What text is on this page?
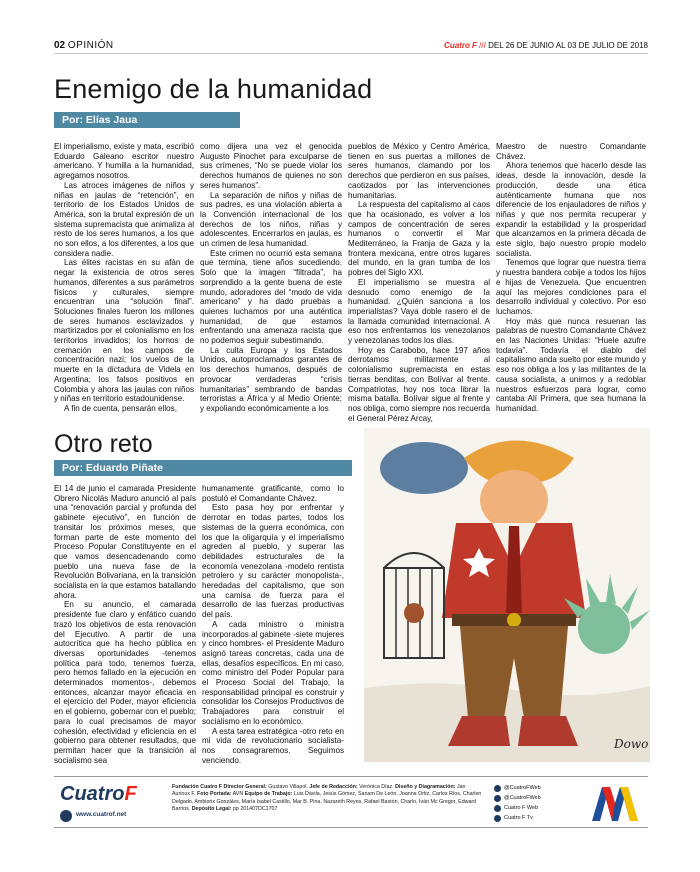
02 OPINIÓN	Cuatro F /// DEL 26 DE JUNIO AL 03 DE JULIO DE 2018
Enemigo de la humanidad
Por: Elías Jaua

El imperialismo, existe y mata, escribió Eduardo Galeano escritor nuestro americano. Y humilla a la humanidad, agregamos nosotros.

Las atroces imágenes de niños y niñas en jaulas de “retención”, en territorio de los Estados Unidos de América, son la brutal expresión de un sistema supremacista que animaliza al resto de los seres humanos, a los que no son ellos, a los diferentes, a los que considera nadie.

Las élites racistas en su afán de negar la existencia de otros seres humanos, diferentes a sus parámetros físicos y culturales, siempre encuentran una “solución final”. Soluciones finales fueron los millones de seres humanos esclavizados y martirizados por el colonialismo en los territorios invadidos; los hornos de cremación en los campos de concentración nazi; los vuelos de la muerte en la dictadura de Videla en Argentina; los falsos positivos en Colombia y ahora las jaulas con niños y niñas en territorio estadounidense.

A fin de cuenta, pensarán ellos,

como dijera una vez el genocida Augusto Pinochet para exculparse de sus crímenes, “No se puede violar los derechos humanos de quienes no son seres humanos”.

La separación de niños y niñas de sus padres, es una violación abierta a la Convención internacional de los derechos de los niños, niñas y adolescentes. Encerrarlos en jaulas, es un crimen de lesa humanidad.

Este crimen no ocurrió esta semana que termina, tiene años sucediendo. Solo que la imagen “filtrada”, ha sorprendido a la gente buena de este mundo, adoradores del “modo de vida americano” y ha dado pruebas a quienes luchamos por una auténtica humanidad, de que estamos enfrentando una amenaza racista que no podemos seguir subestimando.

La culta Europa y los Estados Unidos, autoproclamados garantes de los derechos humanos, después de provocar verdaderas “crisis humanitarias” sembrando de bandas terroristas a África y al Medio Oriente; y expoliando económicamente a los

pueblos de México y Centro América, tienen en sus puertas a millones de seres humanos, clamando por los derechos que perdieron en sus países, caotizados por las intervenciones humanitarias.

La respuesta del capitalismo al caos que ha ocasionado, es volver a los campos de concentración de seres humanos o convertir el Mar Mediterráneo, la Franja de Gaza y la frontera mexicana, entre otros lugares del mundo, en la gran tumba de los pobres del Siglo XXI.

El imperialismo se muestra al desnudo como enemigo de la humanidad. ¿Quién sanciona a los imperialistas? Vaya doble rasero el de la llamada comunidad internacional. A eso nos enfrentamos los venezolanos y venezolanas todos los días.

Hoy es Carabobo, hace 197 años derrotamos militarmente al colonialismo supremacista en estas tierras benditas, con Bolívar al frente. Compatriotas, hoy nos toca librar la misma batalla. Bolívar sigue al frente y nos obliga, como siempre nos recuerda el General Pérez Arcay,

Maestro de nuestro Comandante Chávez.

Ahora tenemos que hacerlo desde las ideas, desde la innovación, desde la producción, desde una ética auténticamente humana que nos diferencie de los enjauladores de niños y niñas y que nos permita recuperar y expandir la estabilidad y la prosperidad que alcanzamos en la primera década de este siglo, bajo nuestro propio modelo socialista.

Tenemos que lograr que nuestra tierra y nuestra bandera cobije a todos los hijos e hijas de Venezuela. Que encuentren aquí las mejores condiciones para el desarrollo individual y colectivo. Por eso luchamos.

Hoy más que nunca resuenan las palabras de nuestro Comandante Chávez en las Naciones Unidas: “Huele azufre todavía”. Todavía el diablo del capitalismo anda suelto por este mundo y eso nos obliga a los y las militantes de la causa socialista, a unirnos y a redoblar nuestros esfuerzos para lograr, como cantaba Alí Primera, que sea humana la humanidad.

Otro reto
Por: Eduardo Piñate

El 14 de junio el camarada Presidente Obrero Nicolás Maduro anunció al país una “renovación parcial y profunda del gabinete ejecutivo”, en función de transitar los próximos meses, que forman parte de este momento del Proceso Popular Constituyente en el que vamos desencadenando como pueblo una nueva fase de la Revolución Bolivariana, en la transición socialista en la que estamos batallando ahora.

En su anuncio, el camarada presidente fue claro y enfático cuando trazó los objetivos de esta renovación del Ejecutivo. A partir de una autocrítica que ha hecho pública en diversas oportunidades -tenemos política para todo, tenemos fuerza, pero hemos fallado en la ejecución en determinados momentos-, debemos entonces, alcanzar mayor eficacia en el ejercicio del Poder, mayor eficiencia en el gobierno, gobernar con el pueblo; para lo cual precisamos de mayor cohesión, efectividad y eficiencia en el gobierno para obtener resultados, que permitan hacer que la transición al socialismo sea

humanamente gratificante, como lo postuló el Comandante Chávez.

Esto pasa hoy por enfrentar y derrotar en todas partes, todos los sistemas de la guerra económica, con los que la oligarquía y el imperialismo agreden al pueblo, y superar las debilidades estructurales de la economía venezolana -modelo rentista petrolero y su carácter monopolista-, heredadas del capitalismo, que son una camisa de fuerza para el desarrollo de las fuerzas productivas del país.

A cada ministro o ministra incorporados al gabinete -siete mujeres y cinco hombres- el Presidente Maduro asignó tareas concretas, cada una de ellas, desafíos específicos. En mi caso, como ministro del Poder Popular para el Proceso Social del Trabajo, la responsabilidad principal es construir y consolidar los Consejos Productivos de Trabajadores para construir el socialismo en lo económico.

A esta tarea estratégica -otro reto en mi vida de revolucionario socialista- nos consagraremos. Seguimos venciendo.

Dowo
CuatroF
www.cuatrof.net
Fundación Cuatro F Director General: Gustavo Villapol. Jefe de Redacción: Verónica Díaz. Diseño y Diagramación: Jan Aurioux F. Foto Portada: AVN Equipo de Trabajo: Luis Dávila, Jesús Gómez, Sanam De León, Joanna Ortiz, Carlos Ríos, Charlen Delgado, Ambiorix Gonzáles, María Isabel Castillo, Mar B. Pina, Nazareth Reyes, Rafael Bastón, Charlo, Iván Mc Gregor, Edward Barrios. Depósito Legal: pp 201407DC1707
@CuatroFWeb
@CuatroFWeb
Cuatro F Web
Cuatro F Tv
